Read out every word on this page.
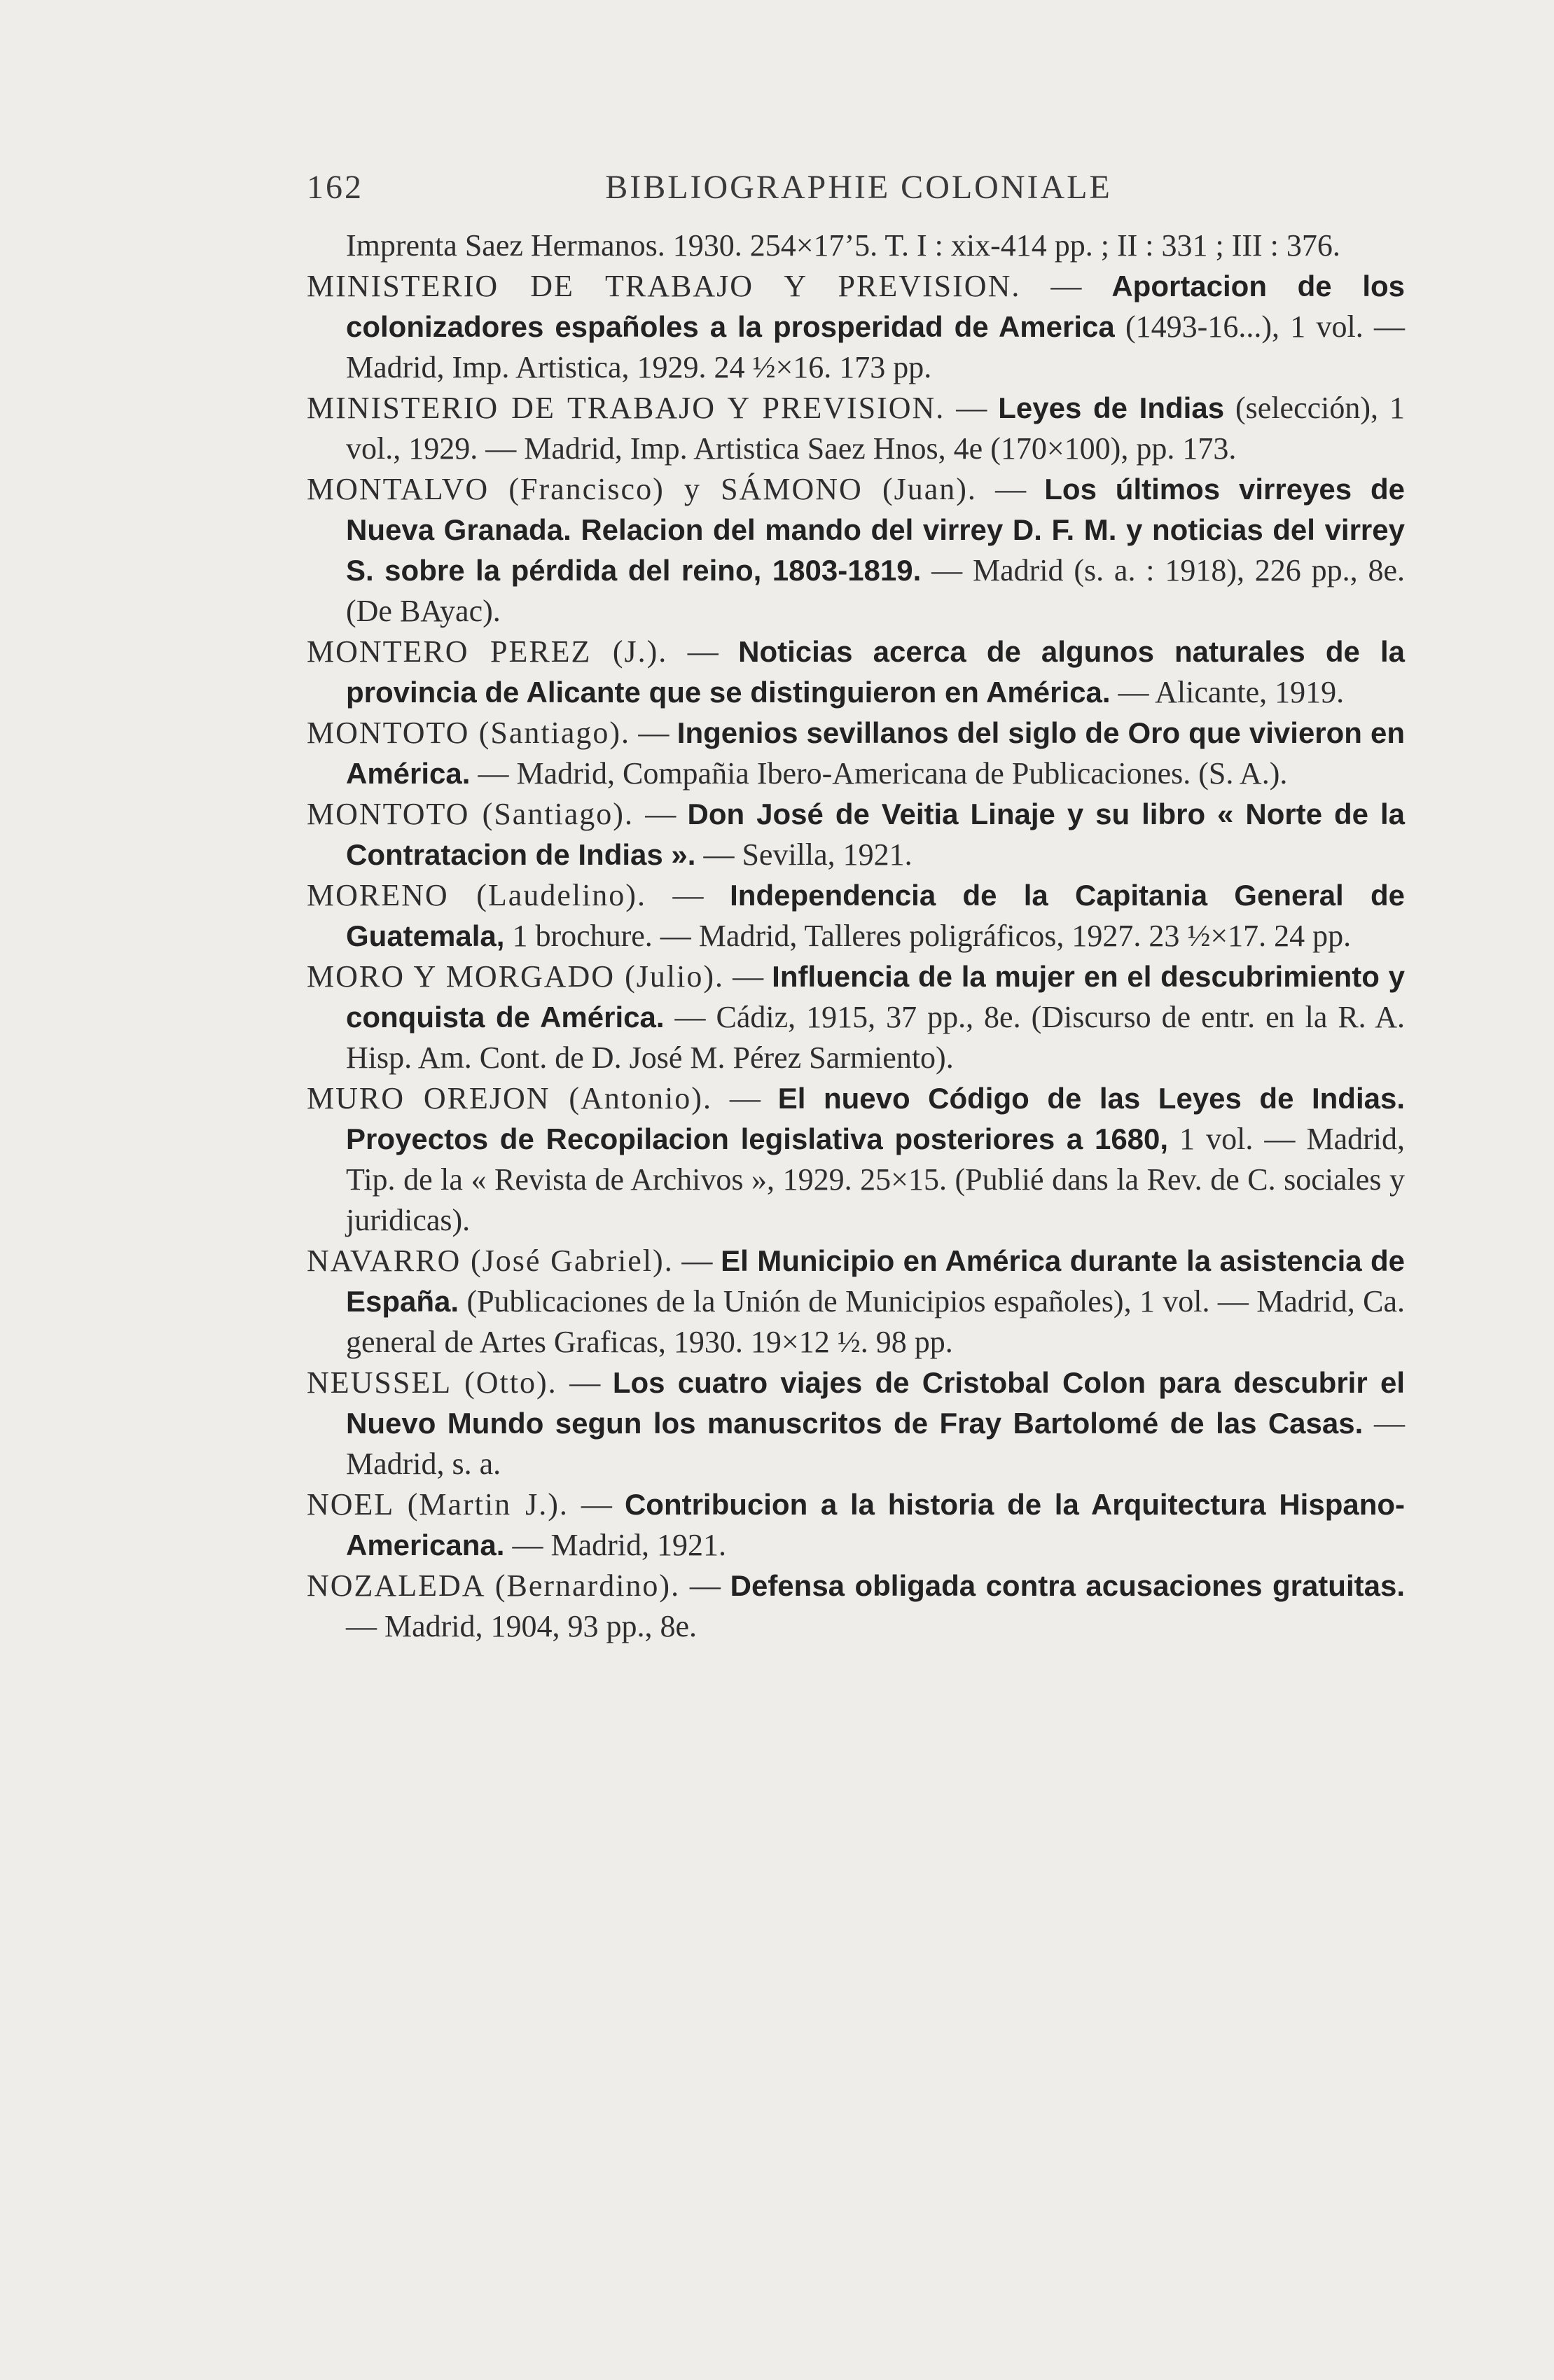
162	BIBLIOGRAPHIE COLONIALE

Imprenta Saez Hermanos. 1930. 254×17’5. T. I : xix-414 pp. ; II : 331 ; III : 376.

MINISTERIO DE TRABAJO Y PREVISION. — Aportacion de los colonizadores españoles a la prosperidad de America (1493-16...), 1 vol. — Madrid, Imp. Artistica, 1929. 24 ½×16. 173 pp.

MINISTERIO DE TRABAJO Y PREVISION. — Leyes de Indias (selección), 1 vol., 1929. — Madrid, Imp. Artistica Saez Hnos, 4e (170×100), pp. 173.

MONTALVO (Francisco) y SÁMONO (Juan). — Los últimos virreyes de Nueva Granada. Relacion del mando del virrey D. F. M. y noticias del virrey S. sobre la pérdida del reino, 1803-1819. — Madrid (s. a. : 1918), 226 pp., 8e. (De BAyac).

MONTERO PEREZ (J.). — Noticias acerca de algunos naturales de la provincia de Alicante que se distinguieron en América. — Alicante, 1919.

MONTOTO (Santiago). — Ingenios sevillanos del siglo de Oro que vivieron en América. — Madrid, Compañia Ibero-Americana de Publicaciones. (S. A.).

MONTOTO (Santiago). — Don José de Veitia Linaje y su libro « Norte de la Contratacion de Indias ». — Sevilla, 1921.

MORENO (Laudelino). — Independencia de la Capitania General de Guatemala, 1 brochure. — Madrid, Talleres poligráficos, 1927. 23 ½×17. 24 pp.

MORO Y MORGADO (Julio). — Influencia de la mujer en el descubrimiento y conquista de América. — Cádiz, 1915, 37 pp., 8e. (Discurso de entr. en la R. A. Hisp. Am. Cont. de D. José M. Pérez Sarmiento).

MURO OREJON (Antonio). — El nuevo Código de las Leyes de Indias. Proyectos de Recopilacion legislativa posteriores a 1680, 1 vol. — Madrid, Tip. de la « Revista de Archivos », 1929. 25×15. (Publié dans la Rev. de C. sociales y juridicas).

NAVARRO (José Gabriel). — El Municipio en América durante la asistencia de España. (Publicaciones de la Unión de Municipios españoles), 1 vol. — Madrid, Ca. general de Artes Graficas, 1930. 19×12 ½. 98 pp.

NEUSSEL (Otto). — Los cuatro viajes de Cristobal Colon para descubrir el Nuevo Mundo segun los manuscritos de Fray Bartolomé de las Casas. — Madrid, s. a.

NOEL (Martin J.). — Contribucion a la historia de la Arquitectura Hispano-Americana. — Madrid, 1921.

NOZALEDA (Bernardino). — Defensa obligada contra acusaciones gratuitas. — Madrid, 1904, 93 pp., 8e.
